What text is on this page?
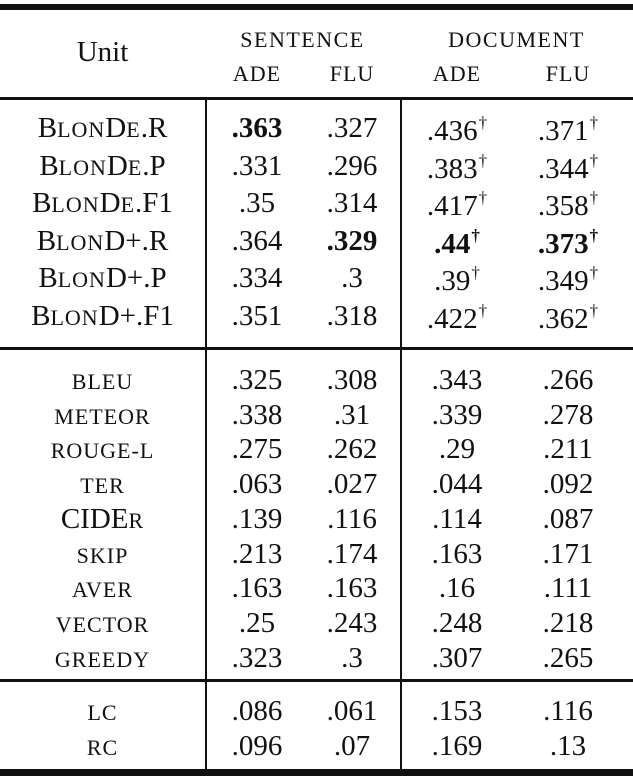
Unit	SENTENCE	DOCUMENT
ADE	FLU	ADE	FLU
BLONDE.R	.363	.327	.436†	.371†
BLONDE.P	.331	.296	.383†	.344†
BLONDE.F1	.35	.314	.417†	.358†
BLOND+.R	.364	.329	.44†	.373†
BLOND+.P	.334	.3	.39†	.349†
BLOND+.F1	.351	.318	.422†	.362†
BLEU	.325	.308	.343	.266
METEOR	.338	.31	.339	.278
ROUGE-L	.275	.262	.29	.211
TER	.063	.027	.044	.092
CIDER	.139	.116	.114	.087
SKIP	.213	.174	.163	.171
AVER	.163	.163	.16	.111
VECTOR	.25	.243	.248	.218
GREEDY	.323	.3	.307	.265
LC	.086	.061	.153	.116
RC	.096	.07	.169	.13
